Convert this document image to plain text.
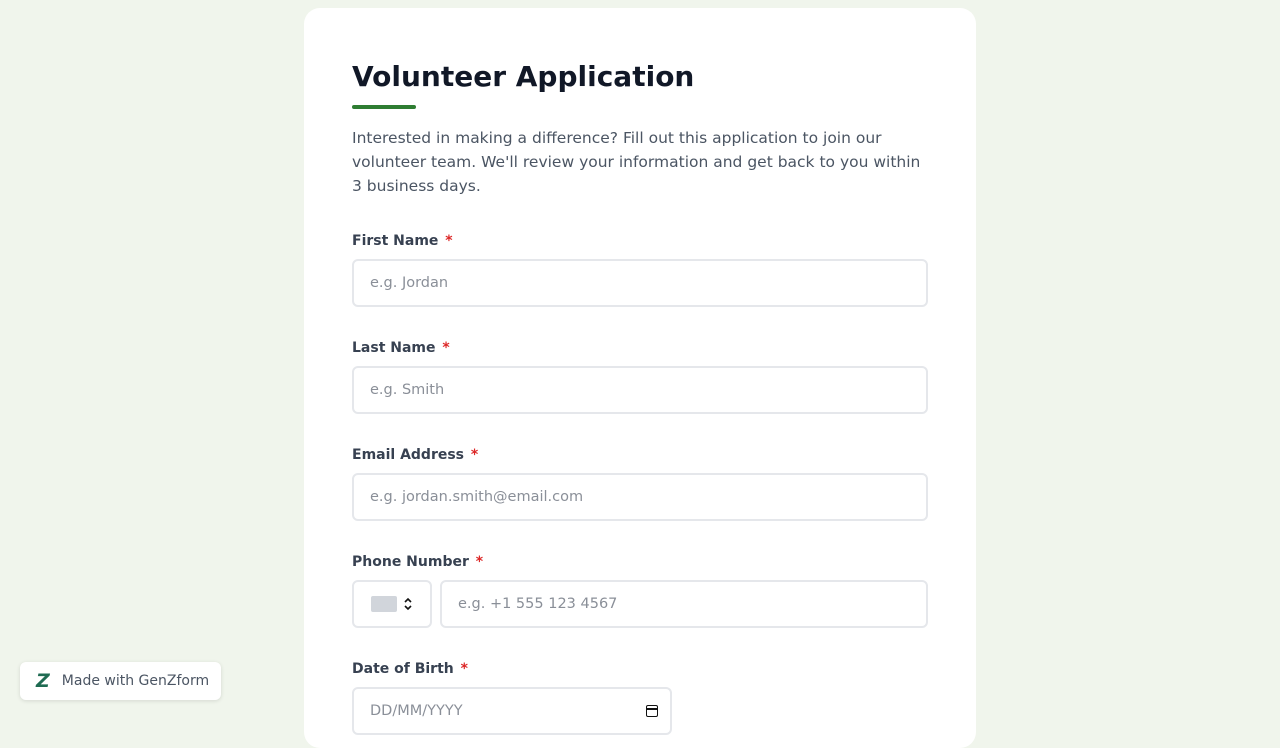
Volunteer Application

Interested in making a difference? Fill out this application to join our volunteer team. We'll review your information and get back to you within 3 business days.

First Name *
e.g. Jordan
Last Name *
e.g. Smith
Email Address *
e.g. jordan.smith@email.com
Phone Number *
e.g. +1 555 123 4567
Date of Birth *
DD/MM/YYYY
Z Made with GenZform
